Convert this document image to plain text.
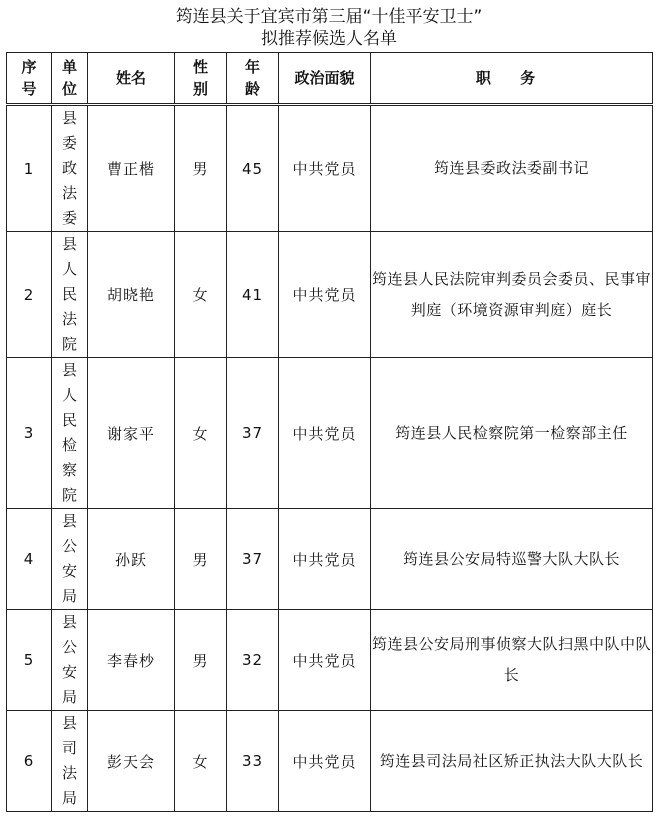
筠连县关于宜宾市第三届“十佳平安卫士”
拟推荐候选人名单
序号	单位	姓名	性别	年龄	政治面貌	职 务
1	县委政法委	曹正楷	男	45	中共党员	筠连县委政法委副书记
2	县人民法院	胡晓艳	女	41	中共党员	筠连县人民法院审判委员会委员、民事审判庭（环境资源审判庭）庭长
3	县人民检察院	谢家平	女	37	中共党员	筠连县人民检察院第一检察部主任
4	县公安局	孙跃	男	37	中共党员	筠连县公安局特巡警大队大队长
5	县公安局	李春杪	男	32	中共党员	筠连县公安局刑事侦察大队扫黑中队中队长
6	县司法局	彭天会	女	33	中共党员	筠连县司法局社区矫正执法大队大队长
